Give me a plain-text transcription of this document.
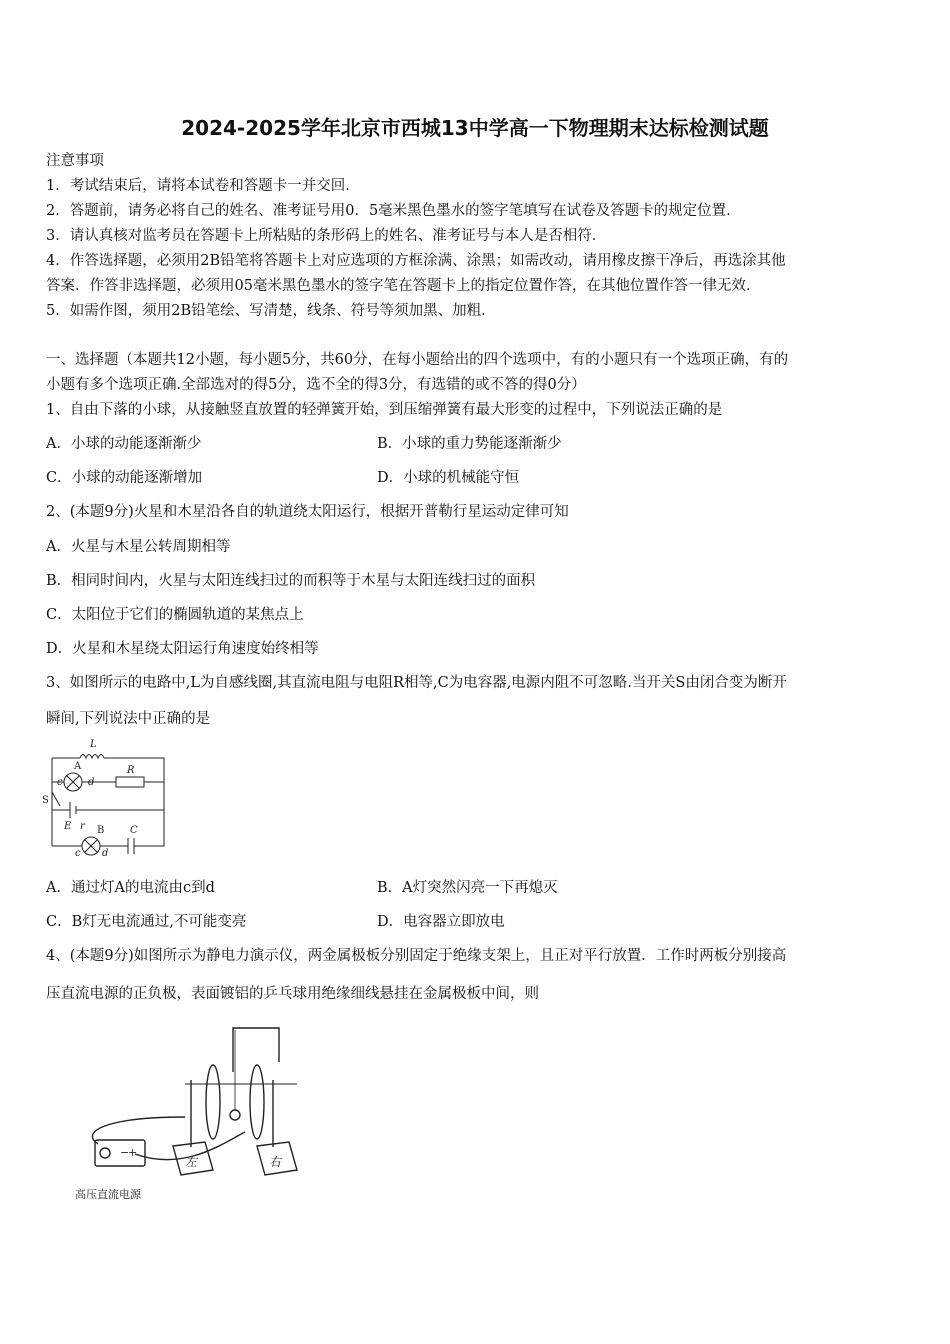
2024-2025学年北京市西城13中学高一下物理期末达标检测试题
注意事项
1．考试结束后，请将本试卷和答题卡一并交回．
2．答题前，请务必将自己的姓名、准考证号用0．5毫米黑色墨水的签字笔填写在试卷及答题卡的规定位置．
3．请认真核对监考员在答题卡上所粘贴的条形码上的姓名、准考证号与本人是否相符．
4．作答选择题，必须用2B铅笔将答题卡上对应选项的方框涂满、涂黑；如需改动，请用橡皮擦干净后，再选涂其他
答案．作答非选择题，必须用05毫米黑色墨水的签字笔在答题卡上的指定位置作答，在其他位置作答一律无效．
5．如需作图，须用2B铅笔绘、写清楚，线条、符号等须加黑、加粗．
一、选择题（本题共12小题，每小题5分，共60分，在每小题给出的四个选项中，有的小题只有一个选项正确，有的
小题有多个选项正确.全部选对的得5分，选不全的得3分，有选错的或不答的得0分）
1、自由下落的小球，从接触竖直放置的轻弹簧开始，到压缩弹簧有最大形变的过程中，下列说法正确的是
A．小球的动能逐渐渐少	B．小球的重力势能逐渐渐少
C．小球的动能逐渐增加	D．小球的机械能守恒
2、(本题9分)火星和木星沿各自的轨道绕太阳运行，根据开普勒行星运动定律可知
A．火星与木星公转周期相等
B．相同时间内，火星与太阳连线扫过的而积等于木星与太阳连线扫过的面积
C．太阳位于它们的椭圆轨道的某焦点上
D．火星和木星绕太阳运行角速度始终相等
3、如图所示的电路中,L为自感线圈,其直流电阻与电阻R相等,C为电容器,电源内阻不可忽略.当开关S由闭合变为断开
瞬间,下列说法中正确的是
L
A
c	d
R
S
E r B
c d
C
A．通过灯A的电流由c到d	B．A灯突然闪亮一下再熄灭
C．B灯无电流通过,不可能变亮	D．电容器立即放电
4、(本题9分)如图所示为静电力演示仪，两金属极板分别固定于绝缘支架上，且正对平行放置．工作时两板分别接高
压直流电源的正负极，表面镀铝的乒乓球用绝缘细线悬挂在金属极板中间，则
−
+
左	右
高压直流电源
